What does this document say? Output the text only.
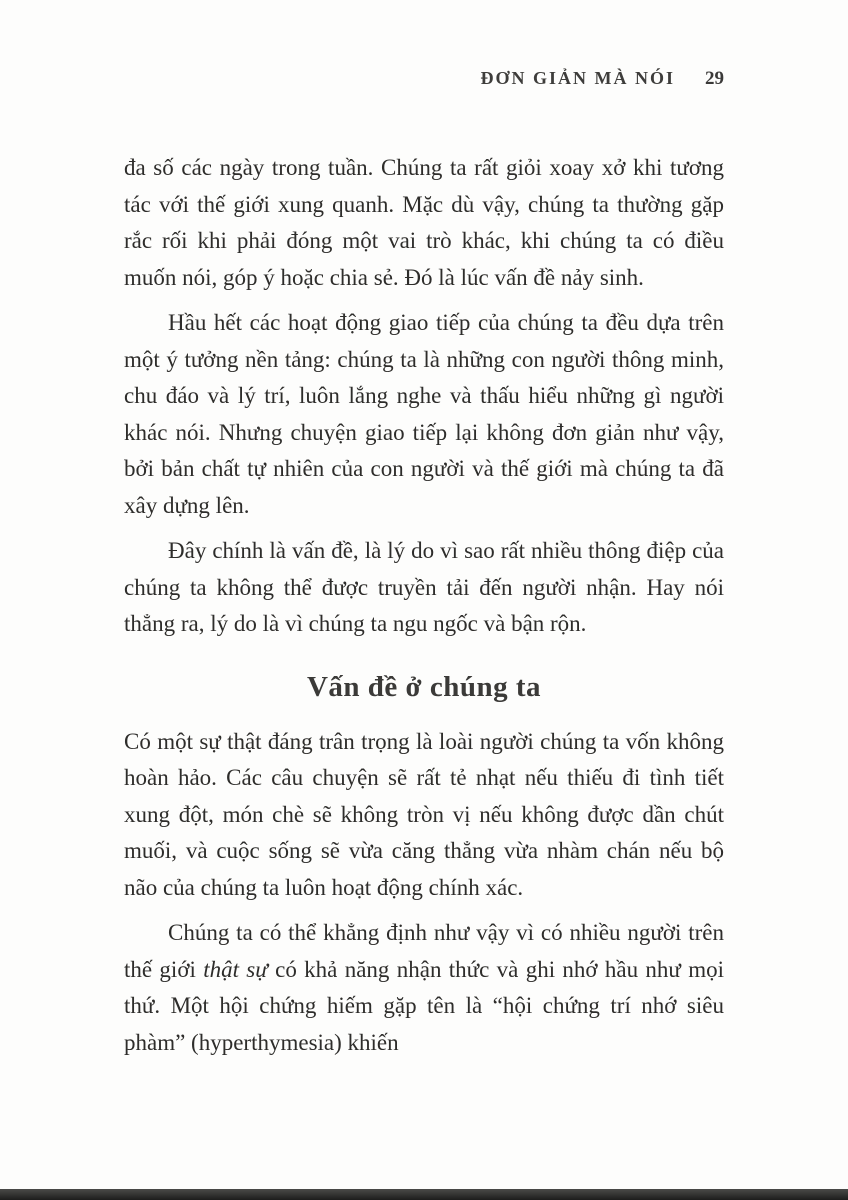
ĐƠN GIẢN MÀ NÓI 29

đa số các ngày trong tuần. Chúng ta rất giỏi xoay xở khi tương tác với thế giới xung quanh. Mặc dù vậy, chúng ta thường gặp rắc rối khi phải đóng một vai trò khác, khi chúng ta có điều muốn nói, góp ý hoặc chia sẻ. Đó là lúc vấn đề nảy sinh.

Hầu hết các hoạt động giao tiếp của chúng ta đều dựa trên một ý tưởng nền tảng: chúng ta là những con người thông minh, chu đáo và lý trí, luôn lắng nghe và thấu hiểu những gì người khác nói. Nhưng chuyện giao tiếp lại không đơn giản như vậy, bởi bản chất tự nhiên của con người và thế giới mà chúng ta đã xây dựng lên.

Đây chính là vấn đề, là lý do vì sao rất nhiều thông điệp của chúng ta không thể được truyền tải đến người nhận. Hay nói thẳng ra, lý do là vì chúng ta ngu ngốc và bận rộn.

Vấn đề ở chúng ta

Có một sự thật đáng trân trọng là loài người chúng ta vốn không hoàn hảo. Các câu chuyện sẽ rất tẻ nhạt nếu thiếu đi tình tiết xung đột, món chè sẽ không tròn vị nếu không được dần chút muối, và cuộc sống sẽ vừa căng thẳng vừa nhàm chán nếu bộ não của chúng ta luôn hoạt động chính xác.

Chúng ta có thể khẳng định như vậy vì có nhiều người trên thế giới thật sự có khả năng nhận thức và ghi nhớ hầu như mọi thứ. Một hội chứng hiếm gặp tên là “hội chứng trí nhớ siêu phàm” (hyperthymesia) khiến
